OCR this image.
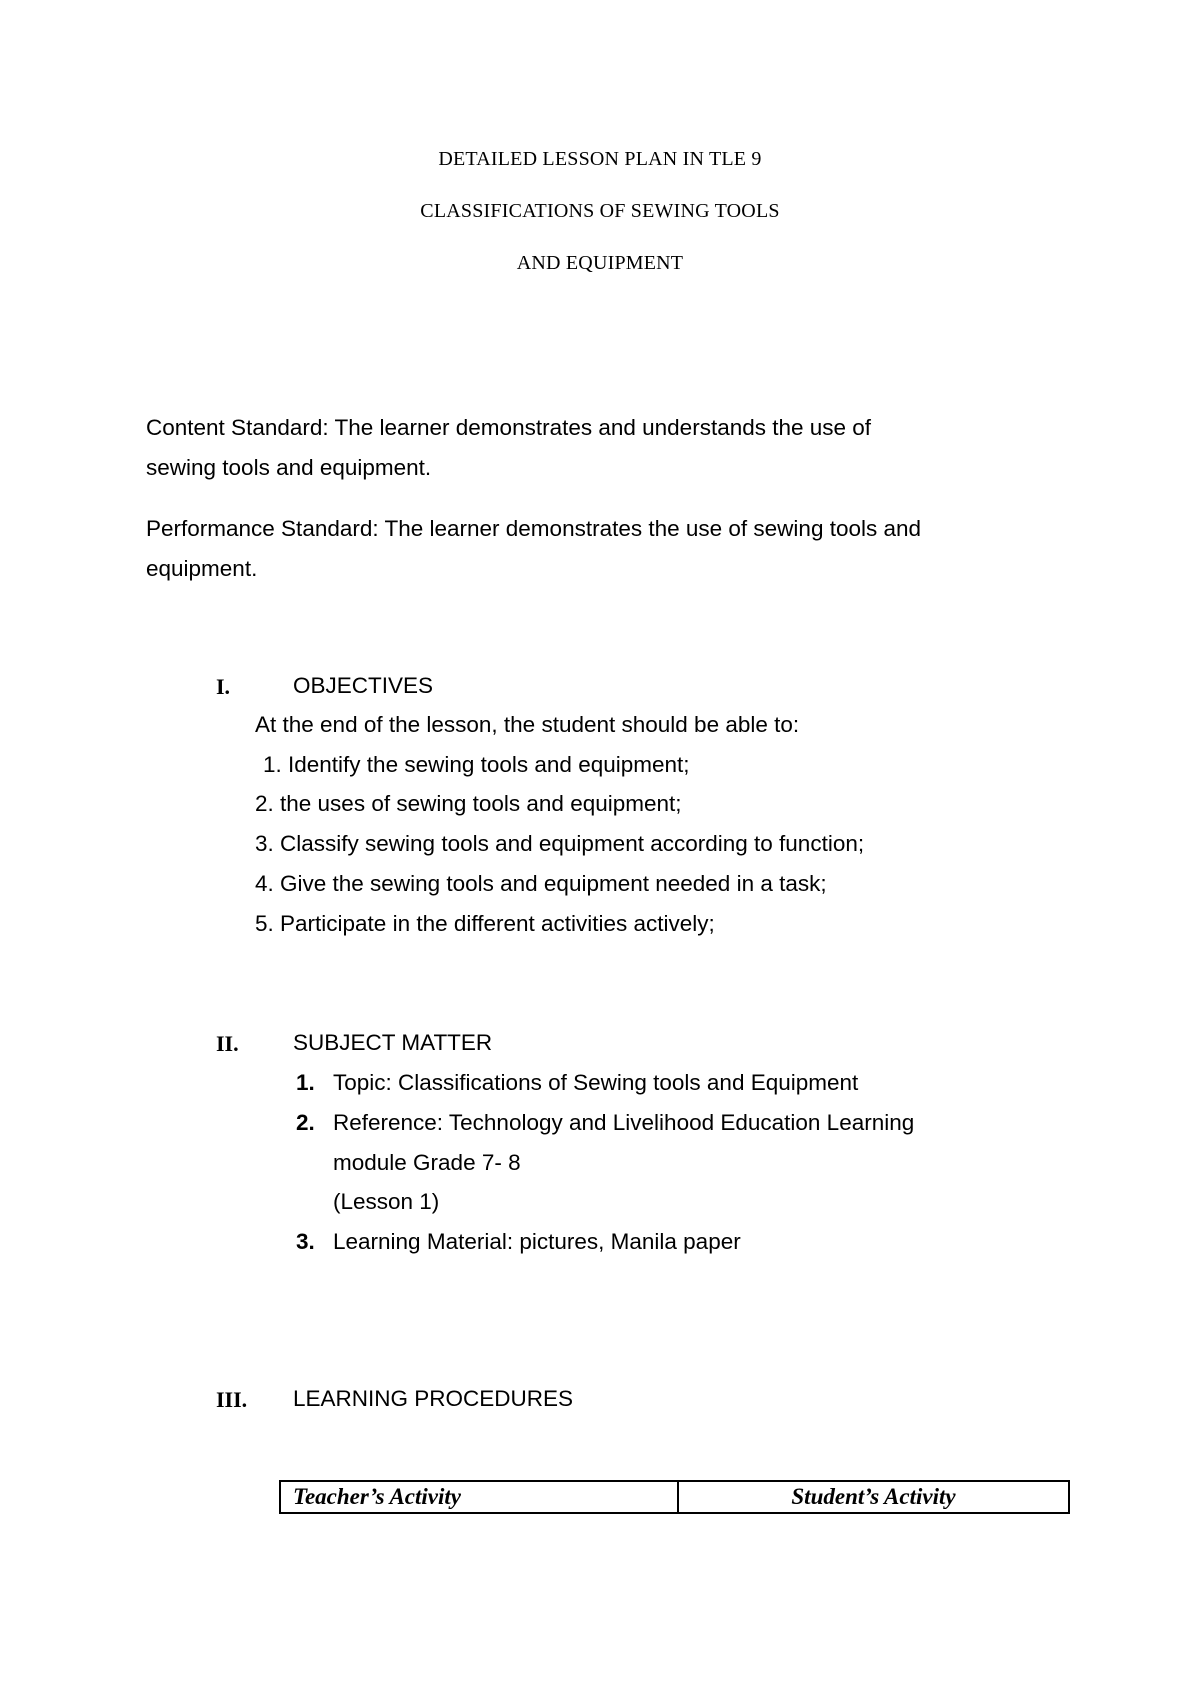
DETAILED LESSON PLAN IN TLE 9
CLASSIFICATIONS OF SEWING TOOLS
AND EQUIPMENT
Content Standard: The learner demonstrates and understands the use of
sewing tools and equipment.
Performance Standard: The learner demonstrates the use of sewing tools and
equipment.
I.	OBJECTIVES
At the end of the lesson, the student should be able to:
1. Identify the sewing tools and equipment;
2. the uses of sewing tools and equipment;
3. Classify sewing tools and equipment according to function;
4. Give the sewing tools and equipment needed in a task;
5. Participate in the different activities actively;
II. SUBJECT MATTER
1. Topic: Classifications of Sewing tools and Equipment
2. Reference: Technology and Livelihood Education Learning
module Grade 7- 8
(Lesson 1)
3. Learning Material: pictures, Manila paper
III. LEARNING PROCEDURES
Teacher’s Activity	Student’s Activity
